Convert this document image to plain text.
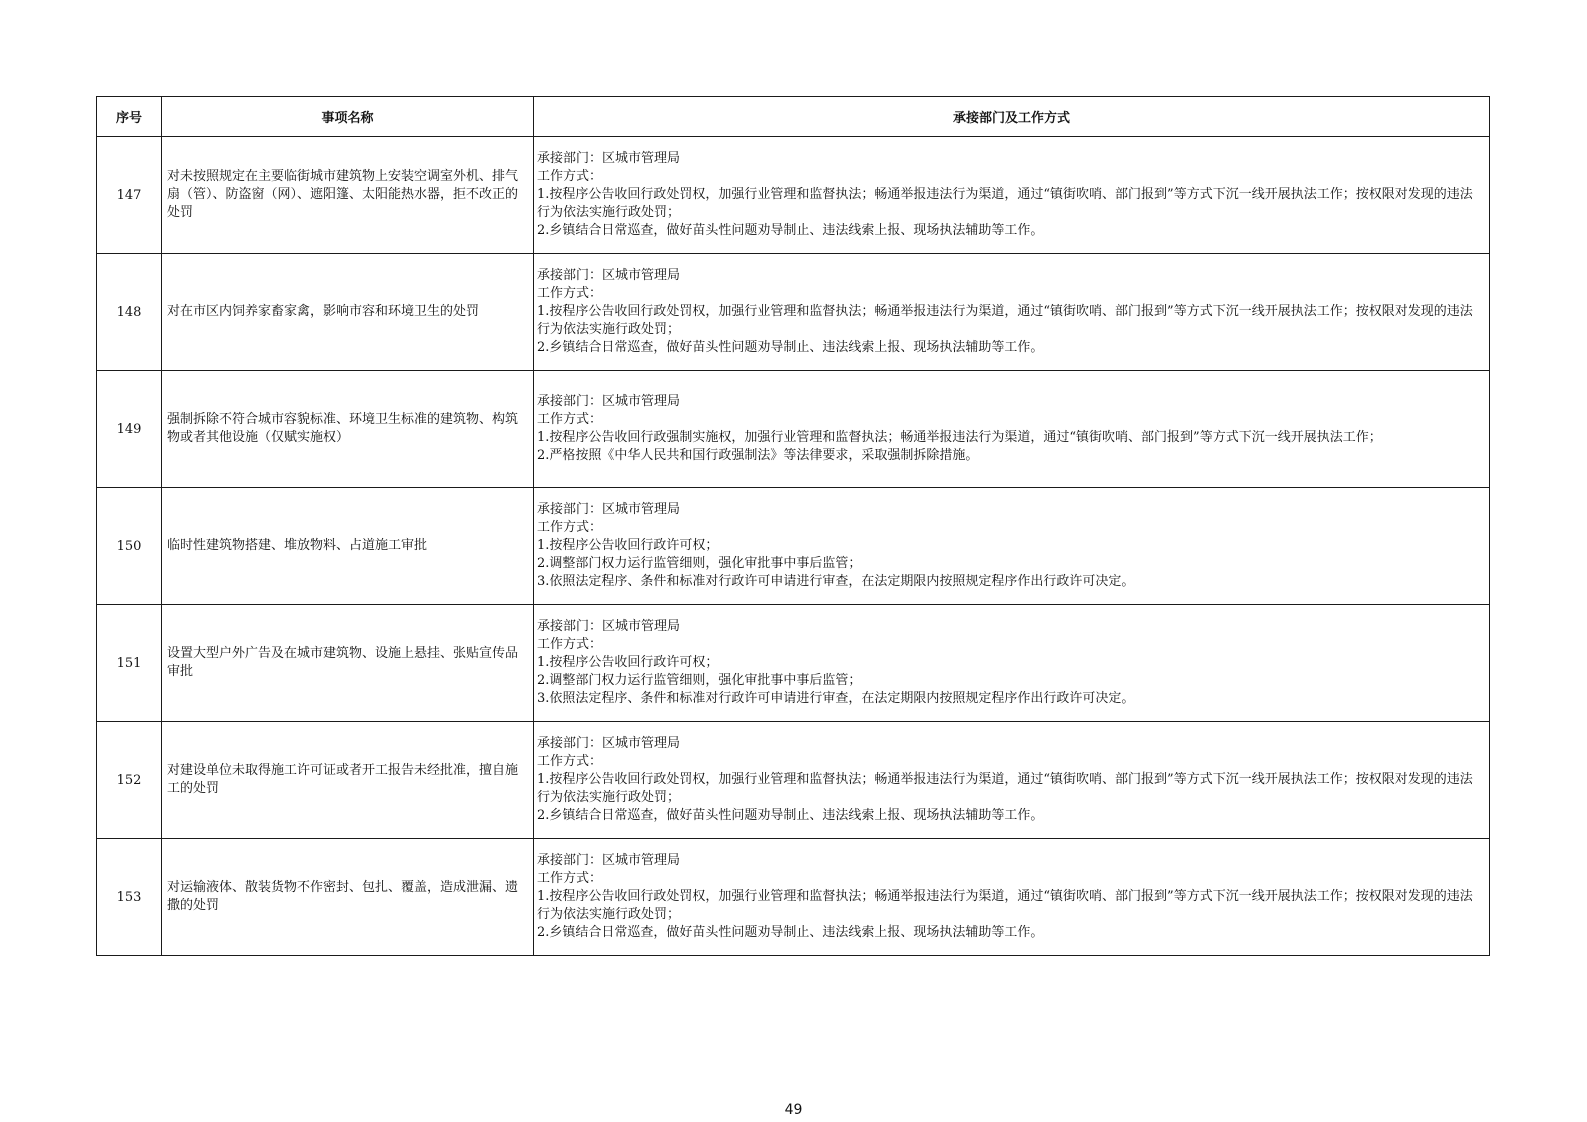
序号	事项名称	承接部门及工作方式
147	对未按照规定在主要临街城市建筑物上安装空调室外机、排气扇（管）、防盗窗（网）、遮阳篷、太阳能热水器，拒不改正的处罚	承接部门：区城市管理局
工作方式：
1.按程序公告收回行政处罚权，加强行业管理和监督执法；畅通举报违法行为渠道，通过“镇街吹哨、部门报到”等方式下沉一线开展执法工作；按权限对发现的违法行为依法实施行政处罚；
2.乡镇结合日常巡查，做好苗头性问题劝导制止、违法线索上报、现场执法辅助等工作。

148	对在市区内饲养家畜家禽，影响市容和环境卫生的处罚	承接部门：区城市管理局
工作方式：
1.按程序公告收回行政处罚权，加强行业管理和监督执法；畅通举报违法行为渠道，通过“镇街吹哨、部门报到”等方式下沉一线开展执法工作；按权限对发现的违法行为依法实施行政处罚；
2.乡镇结合日常巡查，做好苗头性问题劝导制止、违法线索上报、现场执法辅助等工作。

149	强制拆除不符合城市容貌标准、环境卫生标准的建筑物、构筑物或者其他设施（仅赋实施权）	承接部门：区城市管理局
工作方式：
1.按程序公告收回行政强制实施权，加强行业管理和监督执法；畅通举报违法行为渠道，通过“镇街吹哨、部门报到”等方式下沉一线开展执法工作；
2.严格按照《中华人民共和国行政强制法》等法律要求，采取强制拆除措施。

150	临时性建筑物搭建、堆放物料、占道施工审批	承接部门：区城市管理局
工作方式：
1.按程序公告收回行政许可权；
2.调整部门权力运行监管细则，强化审批事中事后监管；
3.依照法定程序、条件和标准对行政许可申请进行审查，在法定期限内按照规定程序作出行政许可决定。

151	设置大型户外广告及在城市建筑物、设施上悬挂、张贴宣传品审批	承接部门：区城市管理局
工作方式：
1.按程序公告收回行政许可权；
2.调整部门权力运行监管细则，强化审批事中事后监管；
3.依照法定程序、条件和标准对行政许可申请进行审查，在法定期限内按照规定程序作出行政许可决定。

152	对建设单位未取得施工许可证或者开工报告未经批准，擅自施工的处罚	承接部门：区城市管理局
工作方式：
1.按程序公告收回行政处罚权，加强行业管理和监督执法；畅通举报违法行为渠道，通过“镇街吹哨、部门报到”等方式下沉一线开展执法工作；按权限对发现的违法行为依法实施行政处罚；
2.乡镇结合日常巡查，做好苗头性问题劝导制止、违法线索上报、现场执法辅助等工作。

153	对运输液体、散装货物不作密封、包扎、覆盖，造成泄漏、遗撒的处罚	承接部门：区城市管理局
工作方式：
1.按程序公告收回行政处罚权，加强行业管理和监督执法；畅通举报违法行为渠道，通过“镇街吹哨、部门报到”等方式下沉一线开展执法工作；按权限对发现的违法行为依法实施行政处罚；
2.乡镇结合日常巡查，做好苗头性问题劝导制止、违法线索上报、现场执法辅助等工作。
49
